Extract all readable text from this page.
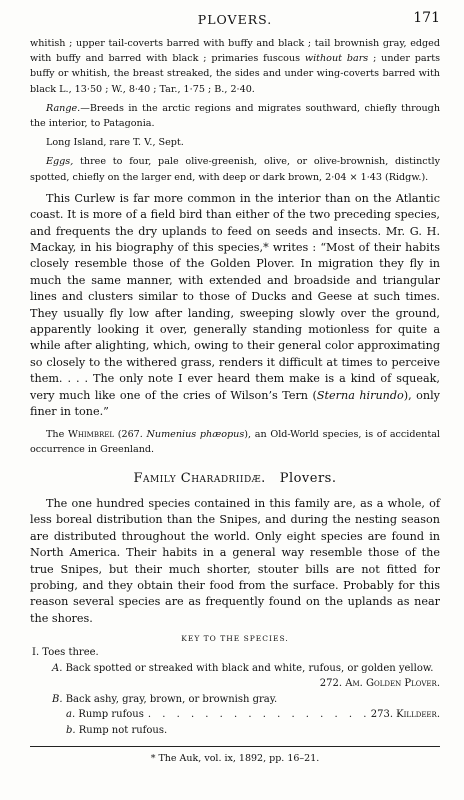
PLOVERS.	171

whitish ; upper tail-coverts barred with buffy and black ; tail brownish gray, edged with buffy and barred with black ; primaries fuscous without bars ; under parts buffy or whitish, the breast streaked, the sides and under wing-coverts barred with black L., 13·50 ; W., 8·40 ; Tar., 1·75 ; B., 2·40.

Range.—Breeds in the arctic regions and migrates southward, chiefly through the interior, to Patagonia.

Long Island, rare T. V., Sept.

Eggs, three to four, pale olive-greenish, olive, or olive-brownish, distinctly spotted, chiefly on the larger end, with deep or dark brown, 2·04 × 1·43 (Ridgw.).

This Curlew is far more common in the interior than on the Atlantic coast. It is more of a field bird than either of the two preceding species, and frequents the dry uplands to feed on seeds and insects. Mr. G. H. Mackay, in his biography of this species,* writes : “Most of their habits closely resemble those of the Golden Plover. In migration they fly in much the same manner, with extended and broadside and triangular lines and clusters similar to those of Ducks and Geese at such times. They usually fly low after landing, sweeping slowly over the ground, apparently looking it over, generally standing motionless for quite a while after alighting, which, owing to their general color approximating so closely to the withered grass, renders it difficult at times to perceive them. . . . The only note I ever heard them make is a kind of squeak, very much like one of the cries of Wilson’s Tern (Sterna hirundo), only finer in tone.”

The Whimbrel (267. Numenius phæopus), an Old-World species, is of accidental occurrence in Greenland.

Family Charadriidæ. Plovers.

The one hundred species contained in this family are, as a whole, of less boreal distribution than the Snipes, and during the nesting season are distributed throughout the world. Only eight species are found in North America. Their habits in a general way resemble those of the true Snipes, but their much shorter, stouter bills are not fitted for probing, and they obtain their food from the surface. Probably for this reason several species are as frequently found on the uplands as near the shores.

KEY TO THE SPECIES.
I. Toes three.
A. Back spotted or streaked with black and white, rufous, or golden yellow.
272. Am. Golden Plover.
B. Back ashy, gray, brown, or brownish gray.
a. Rump rufous
. . .	273. Killdeer.
b. Rump not rufous.
* The Auk, vol. ix, 1892, pp. 16–21.
